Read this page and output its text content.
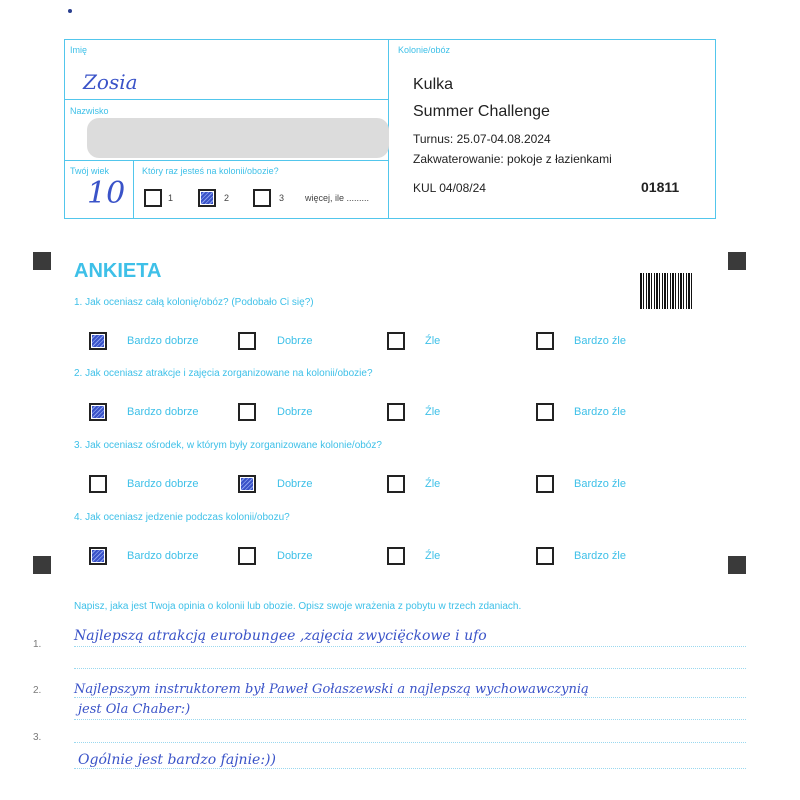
Imię
Zosia
Nazwisko
Twój wiek
10
Który raz jesteś na kolonii/obozie?
1	2	3 więcej, ile .........
Kolonie/obóz
Kulka
Summer Challenge
Turnus: 25.07-04.08.2024
Zakwaterowanie: pokoje z łazienkami
KUL 04/08/24	01811
ANKIETA
1. Jak oceniasz całą kolonię/obóz? (Podobało Ci się?)
Bardzo dobrze	Dobrze	Źle	Bardzo źle
2. Jak oceniasz atrakcje i zajęcia zorganizowane na kolonii/obozie?
Bardzo dobrze	Dobrze	Źle	Bardzo źle
3. Jak oceniasz ośrodek, w którym były zorganizowane kolonie/obóz?
Bardzo dobrze	Dobrze	Źle	Bardzo źle
4. Jak oceniasz jedzenie podczas kolonii/obozu?
Bardzo dobrze	Dobrze	Źle	Bardzo źle
Napisz, jaka jest Twoja opinia o kolonii lub obozie. Opisz swoje wrażenia z pobytu w trzech zdaniach.
1.
2.
3.
Najlepszą atrakcją eurobungee ,zajęcia zwycię̈ckowe i ufo
Najlepszym instruktorem był Paweł Gołaszewski a najlepszą wychowawczynią
jest Ola Chaber:)
Ogólnie jest bardzo fajnie:))
